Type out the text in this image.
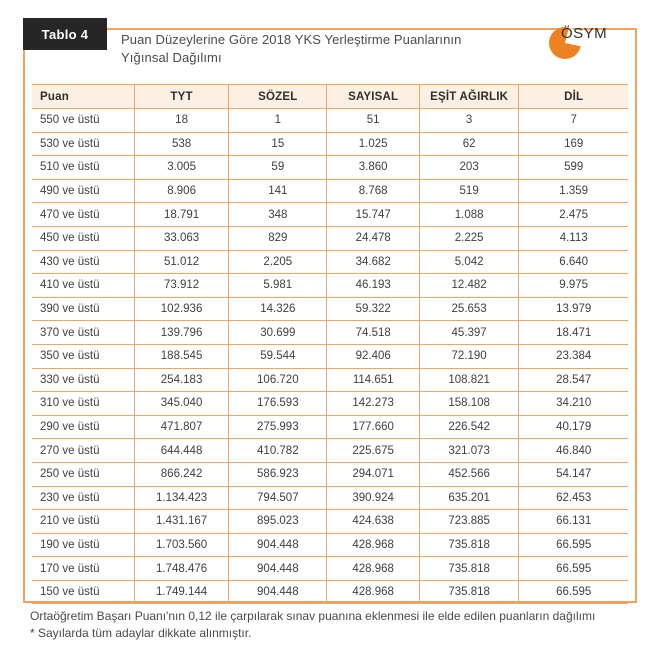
Tablo 4	Puan Düzeylerine Göre 2018 YKS Yerleştirme Puanlarının
Yığınsal Dağılımı
ÖSYM
Puan	TYT	SÖZEL	SAYISAL	EŞİT AĞIRLIK	DİL
550 ve üstü	18	1	51	3	7
530 ve üstü	538	15	1.025	62	169
510 ve üstü	3.005	59	3.860	203	599
490 ve üstü	8.906	141	8.768	519	1.359
470 ve üstü	18.791	348	15.747	1.088	2.475
450 ve üstü	33.063	829	24.478	2.225	4.113
430 ve üstü	51.012	2.205	34.682	5.042	6.640
410 ve üstü	73.912	5.981	46.193	12.482	9.975
390 ve üstü	102.936	14.326	59.322	25.653	13.979
370 ve üstü	139.796	30.699	74.518	45.397	18.471
350 ve üstü	188.545	59.544	92.406	72.190	23.384
330 ve üstü	254.183	106.720	114.651	108.821	28.547
310 ve üstü	345.040	176.593	142.273	158.108	34.210
290 ve üstü	471.807	275.993	177.660	226.542	40.179
270 ve üstü	644.448	410.782	225.675	321.073	46.840
250 ve üstü	866.242	586.923	294.071	452.566	54.147
230 ve üstü	1.134.423	794.507	390.924	635.201	62.453
210 ve üstü	1.431.167	895.023	424.638	723.885	66.131
190 ve üstü	1.703.560	904.448	428.968	735.818	66.595
170 ve üstü	1.748.476	904.448	428.968	735.818	66.595
150 ve üstü	1.749.144	904.448	428.968	735.818	66.595
Ortaöğretim Başarı Puanı'nın 0,12 ile çarpılarak sınav puanına eklenmesi ile elde edilen puanların dağılımı
* Sayılarda tüm adaylar dikkate alınmıştır.
